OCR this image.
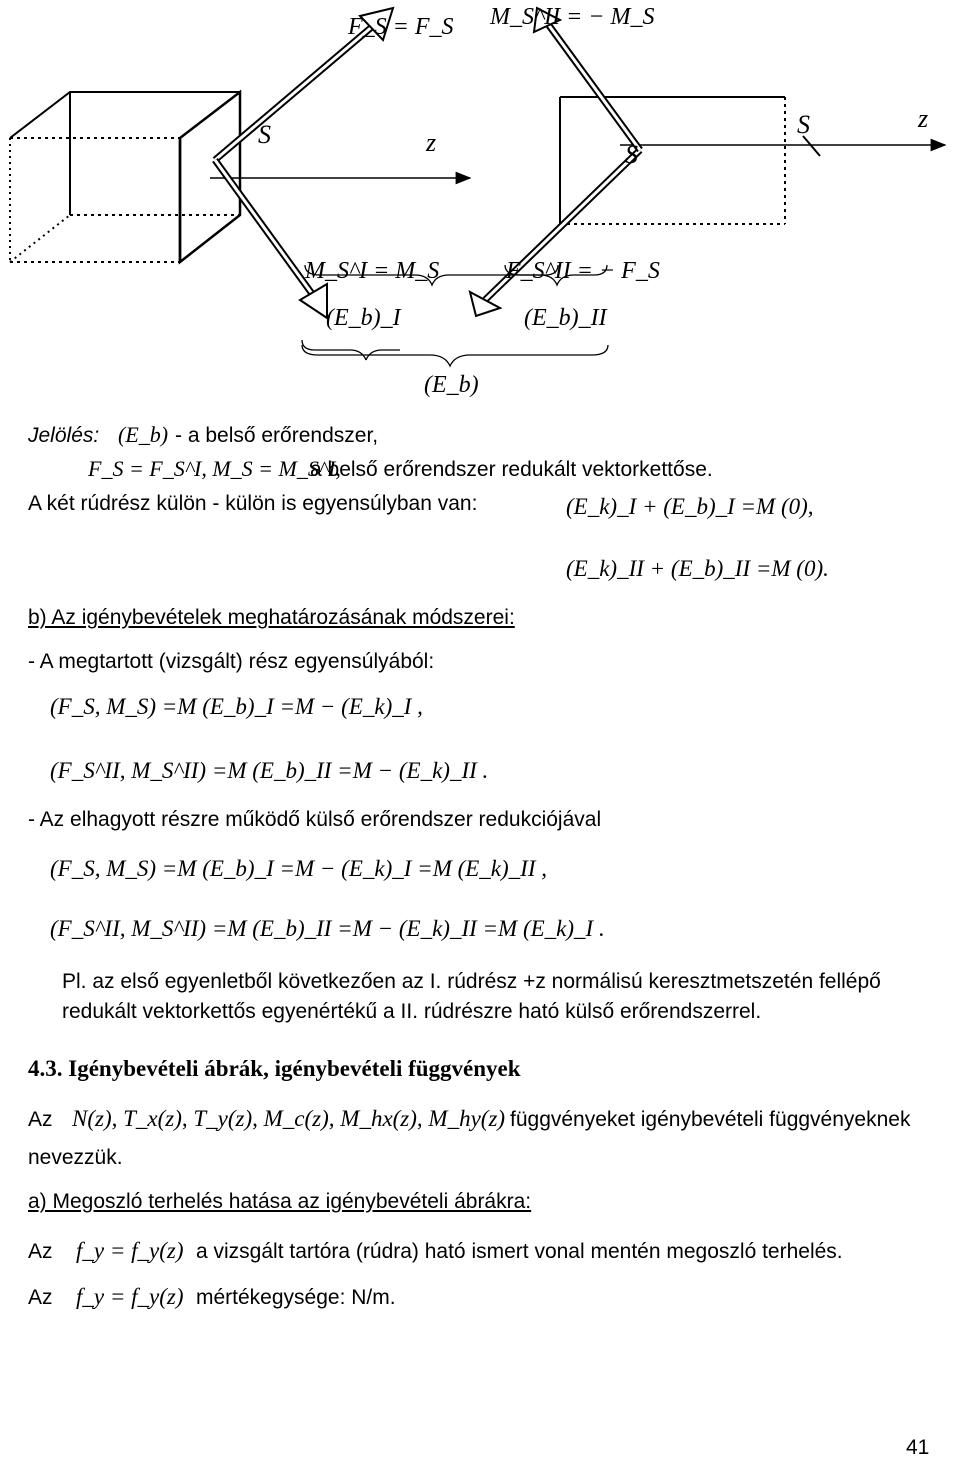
F_S = F_S M_S^II = − M_S
S	z	S
S	z
M_S^I = M_S	F_S^II = − F_S
(E_b)_I	(E_b)_II
(E_b)
Jelölés: (E_b) - a belső erőrendszer,
F_S = F_S^I, M_S = M_S^I,
a belső erőrendszer redukált vektorkettőse.
A két rúdrész külön - külön is egyensúlyban van:	(E_k)_I + (E_b)_I =M (0),
(E_k)_II + (E_b)_II =M (0).
b) Az igénybevételek meghatározásának módszerei:
- A megtartott (vizsgált) rész egyensúlyából:
(F_S, M_S) =M (E_b)_I =M − (E_k)_I ,
(F_S^II, M_S^II) =M (E_b)_II =M − (E_k)_II .
- Az elhagyott részre működő külső erőrendszer redukciójával
(F_S, M_S) =M (E_b)_I =M − (E_k)_I =M (E_k)_II ,
(F_S^II, M_S^II) =M (E_b)_II =M − (E_k)_II =M (E_k)_I .
Pl. az első egyenletből következően az I. rúdrész +z normálisú keresztmetszetén fellépő
redukált vektorkettős egyenértékű a II. rúdrészre ható külső erőrendszerrel.
4.3. Igénybevételi ábrák, igénybevételi függvények
Az N(z), T_x(z), T_y(z), M_c(z), M_hx(z), M_hy(z) függvényeket igénybevételi függvényeknek
nevezzük.
a) Megoszló terhelés hatása az igénybevételi ábrákra:
Az f_y = f_y(z) a vizsgált tartóra (rúdra) ható ismert vonal mentén megoszló terhelés.
Az f_y = f_y(z) mértékegysége: N/m.
41
